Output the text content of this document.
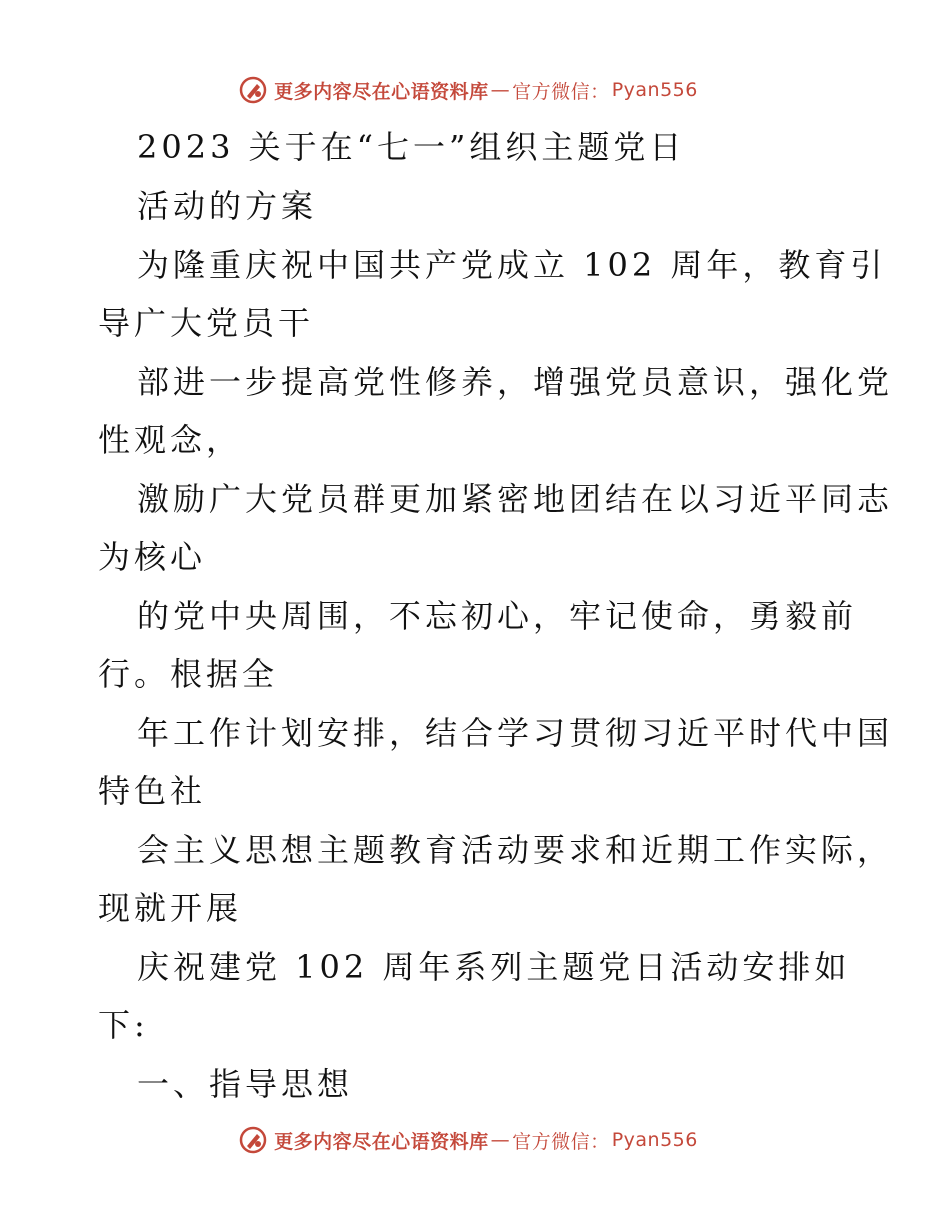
更多内容尽在心语资料库 — 官方微信： Pyan556

2023 关于在“七一”组织主题党日

活动的方案

为隆重庆祝中国共产党成立 102 周年，教育引

导广大党员干

部进一步提高党性修养，增强党员意识，强化党

性观念，

激励广大党员群更加紧密地团结在以习近平同志

为核心

的党中央周围，不忘初心，牢记使命，勇毅前

行。根据全

年工作计划安排，结合学习贯彻习近平时代中国

特色社

会主义思想主题教育活动要求和近期工作实际，

现就开展

庆祝建党 102 周年系列主题党日活动安排如

下:

一、指导思想

更多内容尽在心语资料库 — 官方微信： Pyan556
